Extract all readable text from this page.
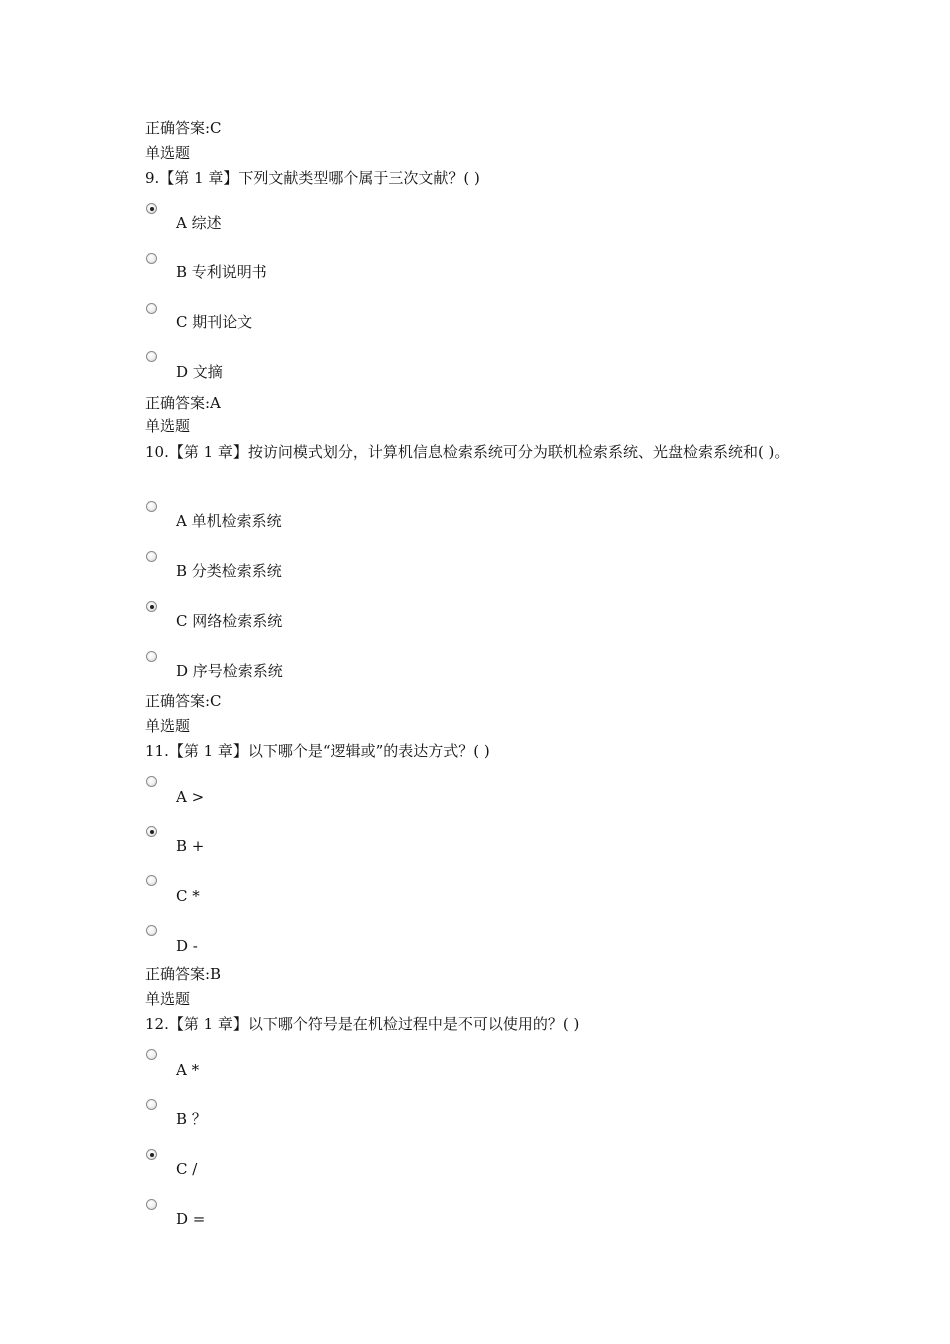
正确答案:C
单选题
9.【第 1 章】下列文献类型哪个属于三次文献？( )
A 综述
B 专利说明书
C 期刊论文
D 文摘
正确答案:A
单选题
10.【第 1 章】按访问模式划分，计算机信息检索系统可分为联机检索系统、光盘检索系统和( )。
A 单机检索系统
B 分类检索系统
C 网络检索系统
D 序号检索系统
正确答案:C
单选题
11.【第 1 章】以下哪个是“逻辑或”的表达方式？( )
A >
B +
C *
D -
正确答案:B
单选题
12.【第 1 章】以下哪个符号是在机检过程中是不可以使用的？( )
A *
B ？
C /
D =
